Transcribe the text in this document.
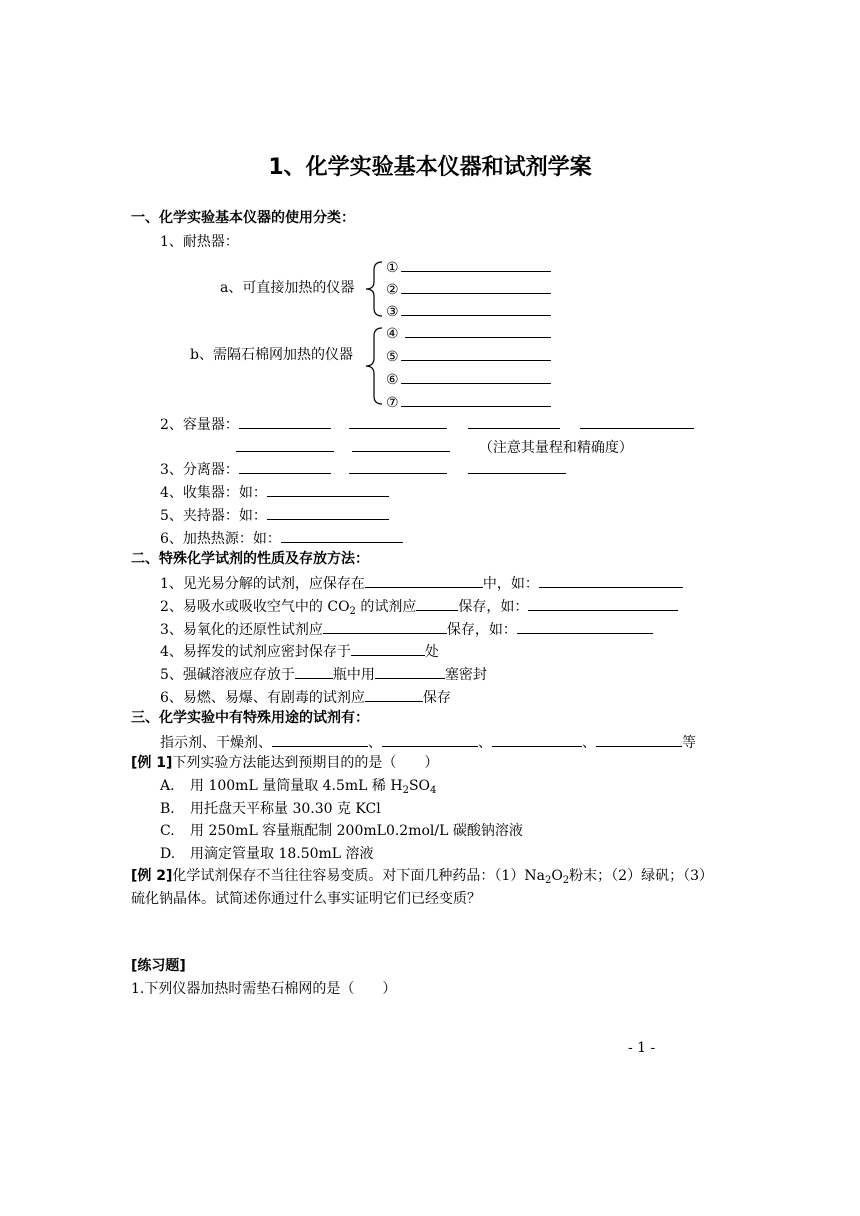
1、化学实验基本仪器和试剂学案
一、化学实验基本仪器的使用分类：
1、耐热器：
a、可直接加热的仪器
①
②
③
b、需隔石棉网加热的仪器
④
⑤
⑥
⑦
2、容量器：
（注意其量程和精确度）
3、分离器：
4、收集器：如：
5、夹持器：如：
6、加热热源：如：
二、特殊化学试剂的性质及存放方法：
1、见光易分解的试剂，应保存在	中，如：
2、易吸水或吸收空气中的 $CO_2$ 的试剂应	保存，如：
3、易氧化的还原性试剂应	保存，如：
4、易挥发的试剂应密封保存于	处
5、强碱溶液应存放于	瓶中用	塞密封
6、易燃、易爆、有剧毒的试剂应	保存
三、化学实验中有特殊用途的试剂有：
指示剂、干燥剂、	、	、	、	等
[例 1]下列实验方法能达到预期目的的是（　　）
A. 用 100mL 量筒量取 4.5mL 稀 $H_2SO_4$
B. 用托盘天平称量 30.30 克 KCl
C. 用 250mL 容量瓶配制 200mL0.2mol/L 碳酸钠溶液
D. 用滴定管量取 18.50mL 溶液
[例 2]化学试剂保存不当往往容易变质。对下面几种药品：$(1)Na_2O_2$粉末；（2）绿矾；（3）
硫化钠晶体。试简述你通过什么事实证明它们已经变质？
[练习题]
1.下列仪器加热时需垫石棉网的是（　　）
- 1 -
